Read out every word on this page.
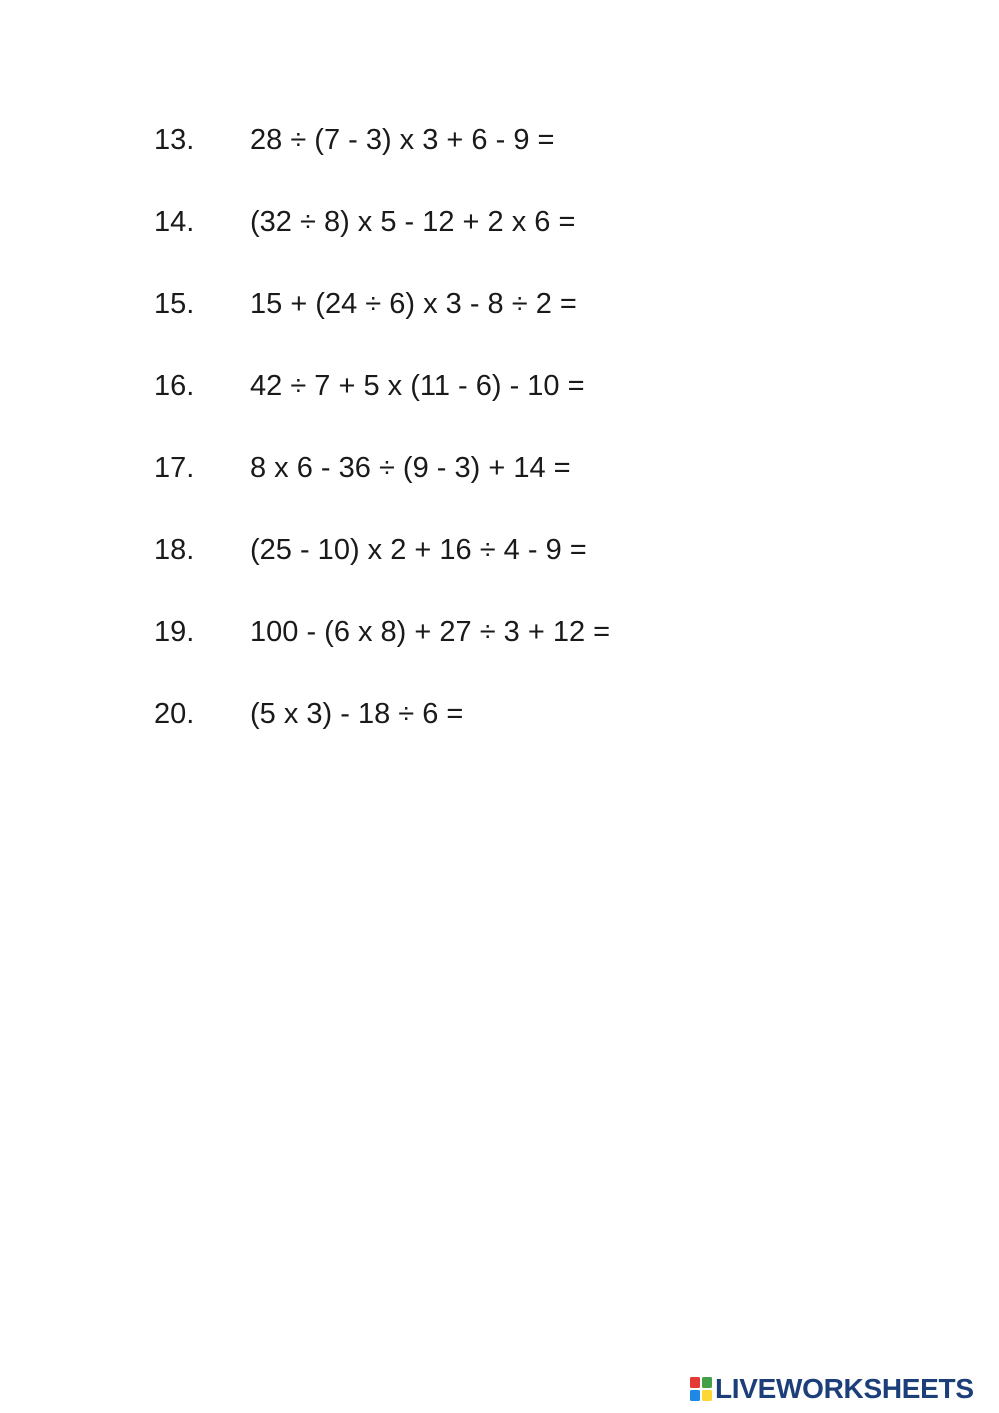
13. 28 ÷ (7 - 3) x 3 + 6 - 9 =
14. (32 ÷ 8) x 5 - 12 + 2 x 6 =
15. 15 + (24 ÷ 6) x 3 - 8 ÷ 2 =
16. 42 ÷ 7 + 5 x (11 - 6) - 10 =
17. 8 x 6 - 36 ÷ (9 - 3) + 14 =
18. (25 - 10) x 2 + 16 ÷ 4 - 9 =
19. 100 - (6 x 8) + 27 ÷ 3 + 12 =
20. (5 x 3) - 18 ÷ 6 =
LIVEWORKSHEETS
